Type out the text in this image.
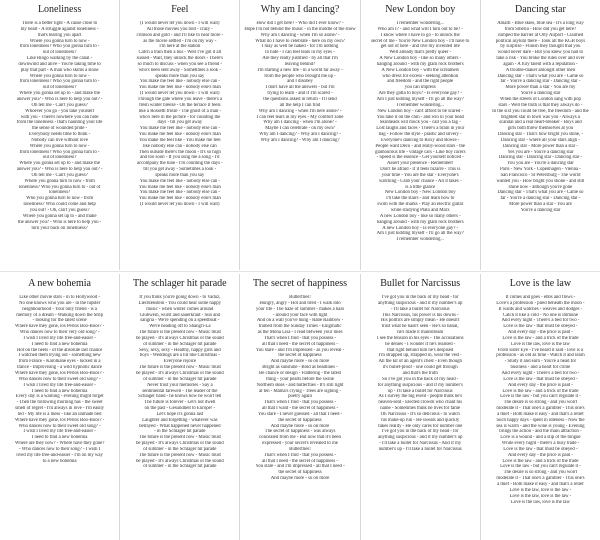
Loneliness
There is a better light - A cause close to
my heart - A struggle against loneliness -
that's tearing you apart
Where you gonna turn to now -
from loneliness? Who you gonna turn to -
out of loneliness?
Like Ringo walking by the canal -
downwind and alive - You're taking time to
play that part - A man who skims a stone
Where you gonna turn to now -
from loneliness? Who you gonna turn to -
out of loneliness?
Where you gonna set up to - and make the
answer you? - Who is here to help you out? -
Oh tell me - Can't you guess?
Whoever you go - you take yourself
with you - There's nowhere you can hide
from the loneliness - that's haunting your life
the sense of wounded pride -
Everybody needs time to think -
Nobody can live without love
Where you gonna turn to now -
from loneliness? Who you gonna turn to -
out of loneliness?
Where you gonna set up to - and make the
answer you? - Who is here to help you out? -
Oh tell me - Can't you guess?
Where you gonna turn to now - from
loneliness? Who you gonna turn to - out of
loneliness?
Who you gonna turn to now - from
loneliness? Who could come and help
you out? - Oh, can't you guess?
Where you gonna set up to - and make
the answer you? - Who is here to help you -
turn your back on loneliness?
Feel
(I would never let you down - I will wait)
All those movies you told - crazy -
crimson and gold - and I'll like to hear more -
as the movie settled - I'm on my way -
I'm here at the station
Catch a train then a bus - Well I've got it all
sussed - Wait, they unlock the doors - There's
so much to discuss - when you see a friend -
who's been sent away - Sometimes a look -
speaks more than you say
You make me feel like - nobody else can -
You make me feel like - nobody else's man
(I would never let you down - I will wait)
Through the gate where you leave - there's a
fresh winter breeze - On the terrace it feels
like a Rossetti frieze - The ghost of a man -
who's here in the picture - for counting the
days - till you get away
You make me feel like - nobody else can -
You make me feel like - nobody else's man
You make me feel like - You make me feel
like nobody else can - nobody else can
Then outside there's the moon - It's so high
and too soon - If you sung me a song - I'd
accompany the tune - I'm counting the days -
till you get away - Sometimes a look -
speaks more than you say
You make me feel like - nobody else can -
You make me feel like - nobody else's man
You make me feel like - nobody else can -
You make me feel like - nobody else's man
(I would never let you down - I will wait)
Why am I dancing?
How did I get here? - Who did I ever know? -
Hope I'm not behind the music - in the middle of the show
Why am I dancing - when I'm so alone? -
What do I have to celebrate - here on my own?
I may as well be naked - for I'm nothing
to hide - I can feel tears in my eyes -
Are they really justified - by all that I'm
leaving behind?
I'm starting a new life - in a world far away -
from the people who brought me up -
and I disobey
I don't have all the answers - but I'm
trying to learn - and if I'm scared -
the questions asked in return - I'll send
all the help I can find
Why am I dancing - when I'm here alone? -
I can feel tears in my eyes - My comfort zone
Why am I dancing - when I'm alone? -
Maybe I can celebrate - on my own?
Why am I dancing? - Why am I dancing? -
Why am I dancing? - Why am I dancing?
New London boy
I remember wondering...
Who am I? - and what will I turn out to be? -
I know where I have to go - to unlock the
secret of me - You're New London boy - I'll have to
get out of here - and live my invented life
Well already that's pretty queer -
A New London boy - like so many others -
hanging around - with my glam rock brothers
A New London boy - with the screamers
who dress for excess - seeking attention
and freedom - and the right people
you can impress
Are they gotta to boys? - Is everyone gay? -
Am I just kidding myself - I'll go all the way?
I remember wondering...
New London boy - can't afford to be scared -
You take it on the chin - and win in your head
Skinheads will mock you - call you a fag -
Lost laughs and faces - There's a brain in your
bag - Follow the style - plastic and silvery -
Everyone's dancing to Roxy and Bowie -
People want Deco - and Holly-wood stars - the
glamourous life - vintage cars - Like boy racers
- Speed is the essence - Get yourself noticed -
Assert your presence - Remember!
Don't be afraid - if it feels bizarre - This is
your time - You are the star - Everyone's
watching - Grab your chance - All it takes -
is a little glance
New London boy - New London boy
I'll take the stairs - and learn how to
swim with the sharks - Play an electric guitar
while studying Plato and Marx
A new London boy - like so many others -
hanging around - with my glam rock brothers
A new London boy - Is everyone gay? -
Am I just kidding myself - I'll go all the way?
I remember wondering...
Dancing star
Amalfi - Blue skies, blue sea - It's a long way
from Siberia - How did you get here?
Jumped the barrier at Orly Airport - Claimed
political asylum there - Took all the KGB boys
by surprise - Flinish they thought that you
would never dare - But you knew you had to
take a risk - You broke the rules over and over
again - A fury talent with a reputation -
A trouble-maker amongst other men
Dancing star - That's what you are - Came so
far - You're a dancing star - Dancing star -
More power than a star - You are my
You're a dancing star
When the streets of London sang with pop
stars - Well the truth is that they always do -
In the sixt you could be free, the freedom - and the
brightest star in town was you - Always a
scandal and a real heart-breaker - Boys and
girls both threw themselves at you
Dancing star - That's how bright you shine, -
Dancing star - where all your stars align -
Dancing star - More power than a star -
Yes you are - You're a dancing star
Dancing star - Dancing star - Dancing star -
You you are - You're a dancing star
Paris - New York - Copenhagen - Vienna -
San Francisco - St Petersburg - The world
wanted you - How bright you shone - and still
shine now - although you're gone
Dancing star - That's what you are - Came so
far - You're a dancing star - Dancing star -
More power than a star - You are
You're a dancing star
A new bohemia
Like other movie stars - in to Hollywood -
No one knows who you are - in the hipster
neighbourhood - Your only friend - is a
memory of a dream - Walking down the Strip
- looking for the latest scene
Where have they gone, los Perlos Boo-Boos? -
Who dances now to their very old song? -
I wish I lived my life free-and-easier -
I need to find a new bohemia
Hot on the heels - of the absolute last chance
I watched them trying out - something new
from France - Karolkane eyes - locked in a
trance - Improvising - a wild hypnotic dance
Where have they gone, los Perlos Boo-Boos? -
Who dances now to their sweet old song? -
I wish I lived my life free-and-easier -
I need to find a new bohemia
Every day is a warning - evening might forget
- Then the following morning has - the sweet
smell of regret - I'm always in love - I'm easily
led - My life is a mess - like an unmade bed
Where have they gone, los Perlos Boo-Boos? -
Who dances now to their sweet old song? -
I wish I lived my life free-and-easier -
I need to find a new bohemia
Where are they now? - Where have they gone?
- Who dances now to their song? - I wish I
lived my life free-and-easier - I'm on my way
to a new bohemia
The schlager hit parade
If you think you're going down - to Vaduz,
Liechtenstein - You could hear some happy
music - when winter comes around
Glühwein, wurst and sauerkraut - Sun and
sangria - We're spending on a speedboat -
We're heading off to Shangri-La
The future is the present now - Music must
be played - It's always Christmas or the sound
of summer - in the Schlager hit parade
Sexy, sexy, sexy - Healthy, happy girls and
boys - Weddings are a hit like Christmas -
Everyone rejoice
The future is the present now - Music must
be played - It's always Christmas or the sound
of summer - in the Schlager hit parade
Never trust your memories - Say a
sentimental farewell - The leader of the
Schlager band - he knows how he won't tell
The future is forever - Let's not dwell
on the past - Gesundheit to Europe! -
Let's hope it's gonna last
Laughter and forgetting - whatever was
betrayed - What happened never happened
- in the Schlager hit parade
The future is the present now - Music must
be played - It's always Christmas or the sound
of summer - in the Schlager hit parade
The future is the present now - Music must
be played - It's always Christmas or the sound
of summer - in the Schlager hit parade
The secret of happiness
Butterflies!
Hungry, angry - Hot and tired - I walk into
your life - The haze of summer - makes a halo
- around your face with light
And on a wall you've hung - Rabe Rainbow -
framed from the Sunday Times - Enigmatic
as the Mona Lisa - I read between your lines
That's when I find - that you possess -
all that I need - the secret of happiness -
You stare - and I'm impressed - as you reveal -
the secret of happiness
And maybe more - so on more
Bright as sunshine - Bold as headlines -
Be chance or design - Flattering - the latest
thing - your pearls before the swine
Northern skies - and butterflies - It's still light
at ten - Mama's crying - Trees are sighing -
poetry again
That's when I find - that you possess -
all that I want - the secret of happiness -
You stare - I never guessed - all that I need -
the secret of happiness
And maybe more - so on more
The secret of happiness - was always
concealed from me - But now that it's been
expressed - your secret's revealed to me
Butterflies!
That's when I find - that you possess -
all that I need - the secret of happiness -
You stare - and I'm impressed - all that I need -
the secret of happiness
And maybe more - so on more
Bullet for Narcissus
I've got you in the back of my head - for
anything suspicious - and if my number's up
- I'll take a bullet for Narcissus
This Narcissus, his power is his downs -
His politics are simply mean - He doesn't
trust what he hasn't seen - He's so banal,
he's made it mainstream
I see the tension in his eyes - The accusations
he denies - I wonder if he's realised -
that right behind him he's despised
I'm strapped up, strapped in, wear the vest -
All the kit of an agent's chest - Even though
it's bullet-proof - one could get through
and that's the truth
So I've got you in the back of my head -
for anything suspicious - and if my number's
up - I'll take a bullet for Narcissus
As I survey the big event - people think he's
heaven-sent - Elected crowds who chant his
name - Sometimes think he lives for fame
Oh Narcissus - It's so delicious - to watch
his make-up run - He sweats and quickly
fakes reality - He only cares for number one
I've got you in the back of my head - for
anything suspicious - and if my number's up
- I'll take a bullet for Narcissus - And if my
number's up - I'll take a bullet for Narcissus
Love is the law
It comes and goes - ebbs and flows -
Love's a profession - plied beneath the moon -
It wants and watches - weaves and dodges -
Catch it like a cold - No one is immune
And every night - There's a bed for two -
Love is the law - that must be obeyed -
And every day - the price is paid -
Love is the law - and a trick of the trade
Love is the law, love is the law
From sister Eye - I've heard it said - love is a
profession - as old as time - Watch it and learn
- Study it and earn - You're a head for
business - and a heart for crime
And every night - There's a bed for two -
Love is the law - that must be obeyed -
And every day - the price is paid -
Love is the law - and a trick of the trade
Love is the law - but you can't regulate it -
The desire is so strong - and you won't
moderate it - That one's a gambler - This one's
a thief - Both make it easy - and that's a relief
Such happy days - spent in idleness - Now the
sea is warm - and the wine is young - Evening
brings the action - and the main attraction -
Love is a wound - and a slip of the tongue
While every night - there's a busy trade -
Love is the law - that must be obeyed -
And every day - the price is paid -
Love is the law - and a trick of the trade
Love is the law - but you can't regulate it -
The desire is so strong - and you won't
moderate it - That one's a gambler - This one's
a thief - Both make it easy - and that's a relief
Love is the law, love is the law -
Love is the law, love is the law -
Love is the law, love is the law
